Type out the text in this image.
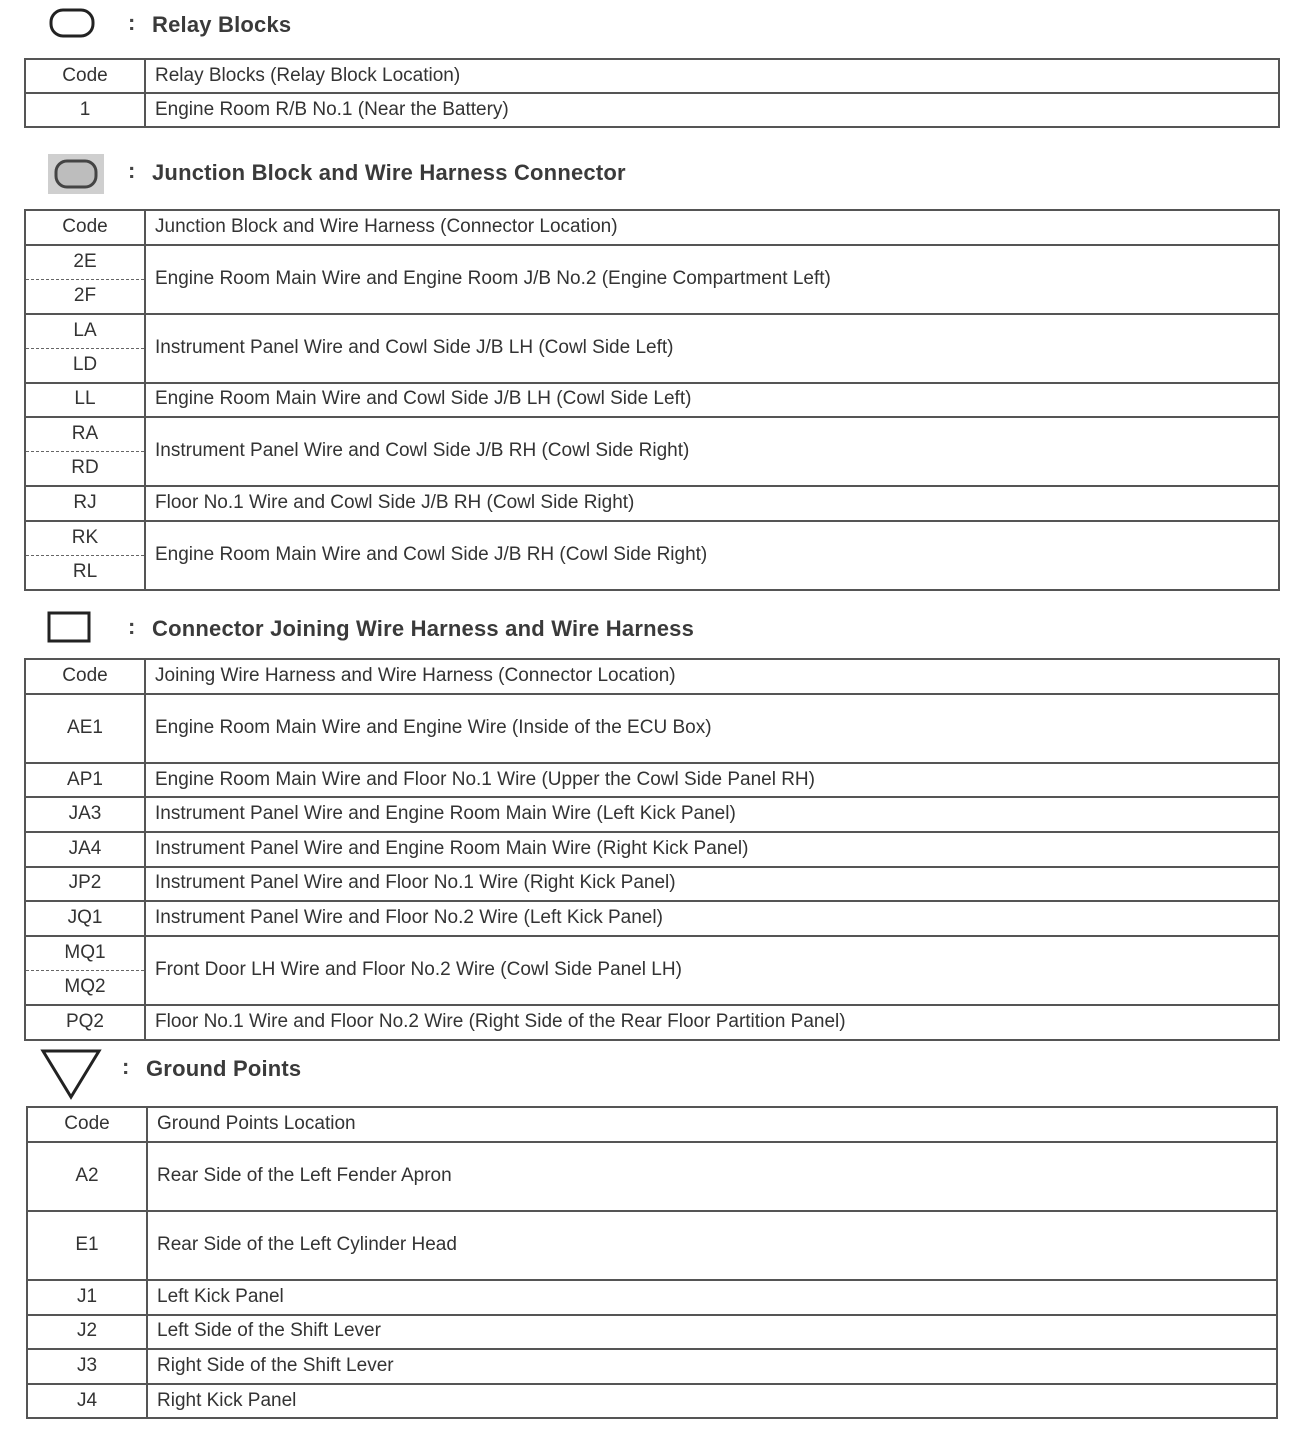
: Relay Blocks
Code	Relay Blocks (Relay Block Location)
1	Engine Room R/B No.1 (Near the Battery)
: Junction Block and Wire Harness Connector
Code	Junction Block and Wire Harness (Connector Location)
2E	Engine Room Main Wire and Engine Room J/B No.2 (Engine Compartment Left)
2F	
LA	Instrument Panel Wire and Cowl Side J/B LH (Cowl Side Left)
LD	
LL	Engine Room Main Wire and Cowl Side J/B LH (Cowl Side Left)
RA	Instrument Panel Wire and Cowl Side J/B RH (Cowl Side Right)
RD	
RJ	Floor No.1 Wire and Cowl Side J/B RH (Cowl Side Right)
RK	Engine Room Main Wire and Cowl Side J/B RH (Cowl Side Right)
RL	
: Connector Joining Wire Harness and Wire Harness
Code	Joining Wire Harness and Wire Harness (Connector Location)
AE1	Engine Room Main Wire and Engine Wire (Inside of the ECU Box)
AP1	Engine Room Main Wire and Floor No.1 Wire (Upper the Cowl Side Panel RH)
JA3	Instrument Panel Wire and Engine Room Main Wire (Left Kick Panel)
JA4	Instrument Panel Wire and Engine Room Main Wire (Right Kick Panel)
JP2	Instrument Panel Wire and Floor No.1 Wire (Right Kick Panel)
JQ1	Instrument Panel Wire and Floor No.2 Wire (Left Kick Panel)
MQ1	Front Door LH Wire and Floor No.2 Wire (Cowl Side Panel LH)
MQ2	
PQ2	Floor No.1 Wire and Floor No.2 Wire (Right Side of the Rear Floor Partition Panel)
: Ground Points
Code	Ground Points Location
A2	Rear Side of the Left Fender Apron
E1	Rear Side of the Left Cylinder Head
J1	Left Kick Panel
J2	Left Side of the Shift Lever
J3	Right Side of the Shift Lever
J4	Right Kick Panel
